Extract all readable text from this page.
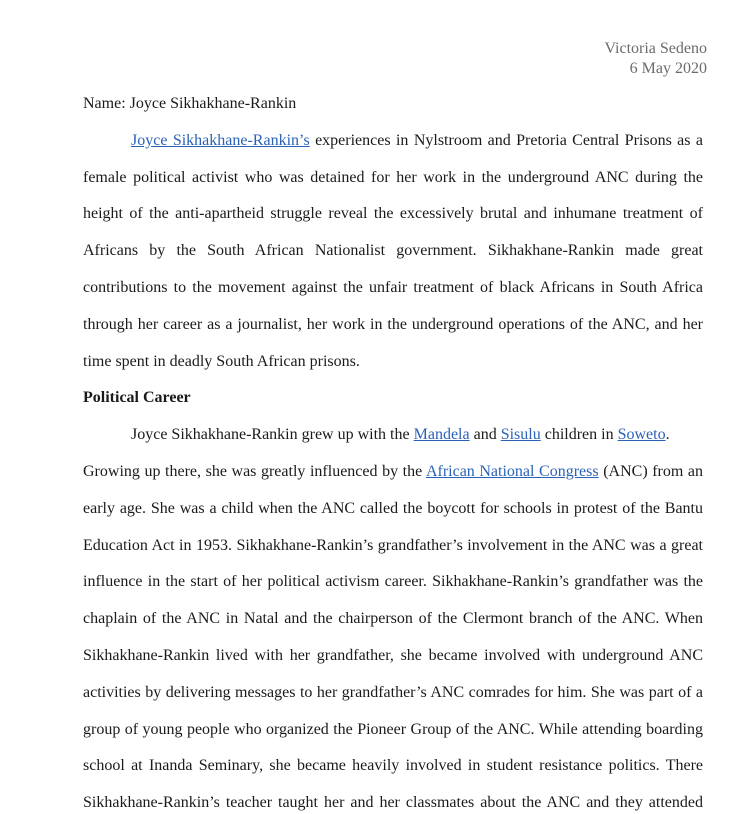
Victoria Sedeno
6 May 2020
Name: Joyce Sikhakhane-Rankin
Joyce Sikhakhane-Rankin’s experiences in Nylstroom and Pretoria Central Prisons as a
female political activist who was detained for her work in the underground ANC during the
height of the anti-apartheid struggle reveal the excessively brutal and inhumane treatment of
Africans by the South African Nationalist government. Sikhakhane-Rankin made great
contributions to the movement against the unfair treatment of black Africans in South Africa
through her career as a journalist, her work in the underground operations of the ANC, and her
time spent in deadly South African prisons.
Political Career
Joyce Sikhakhane-Rankin grew up with the Mandela and Sisulu children in Soweto.
Growing up there, she was greatly influenced by the African National Congress (ANC) from an
early age. She was a child when the ANC called the boycott for schools in protest of the Bantu
Education Act in 1953. Sikhakhane-Rankin’s grandfather’s involvement in the ANC was a great
influence in the start of her political activism career. Sikhakhane-Rankin’s grandfather was the
chaplain of the ANC in Natal and the chairperson of the Clermont branch of the ANC. When
Sikhakhane-Rankin lived with her grandfather, she became involved with underground ANC
activities by delivering messages to her grandfather’s ANC comrades for him. She was part of a
group of young people who organized the Pioneer Group of the ANC. While attending boarding
school at Inanda Seminary, she became heavily involved in student resistance politics. There
Sikhakhane-Rankin’s teacher taught her and her classmates about the ANC and they attended
